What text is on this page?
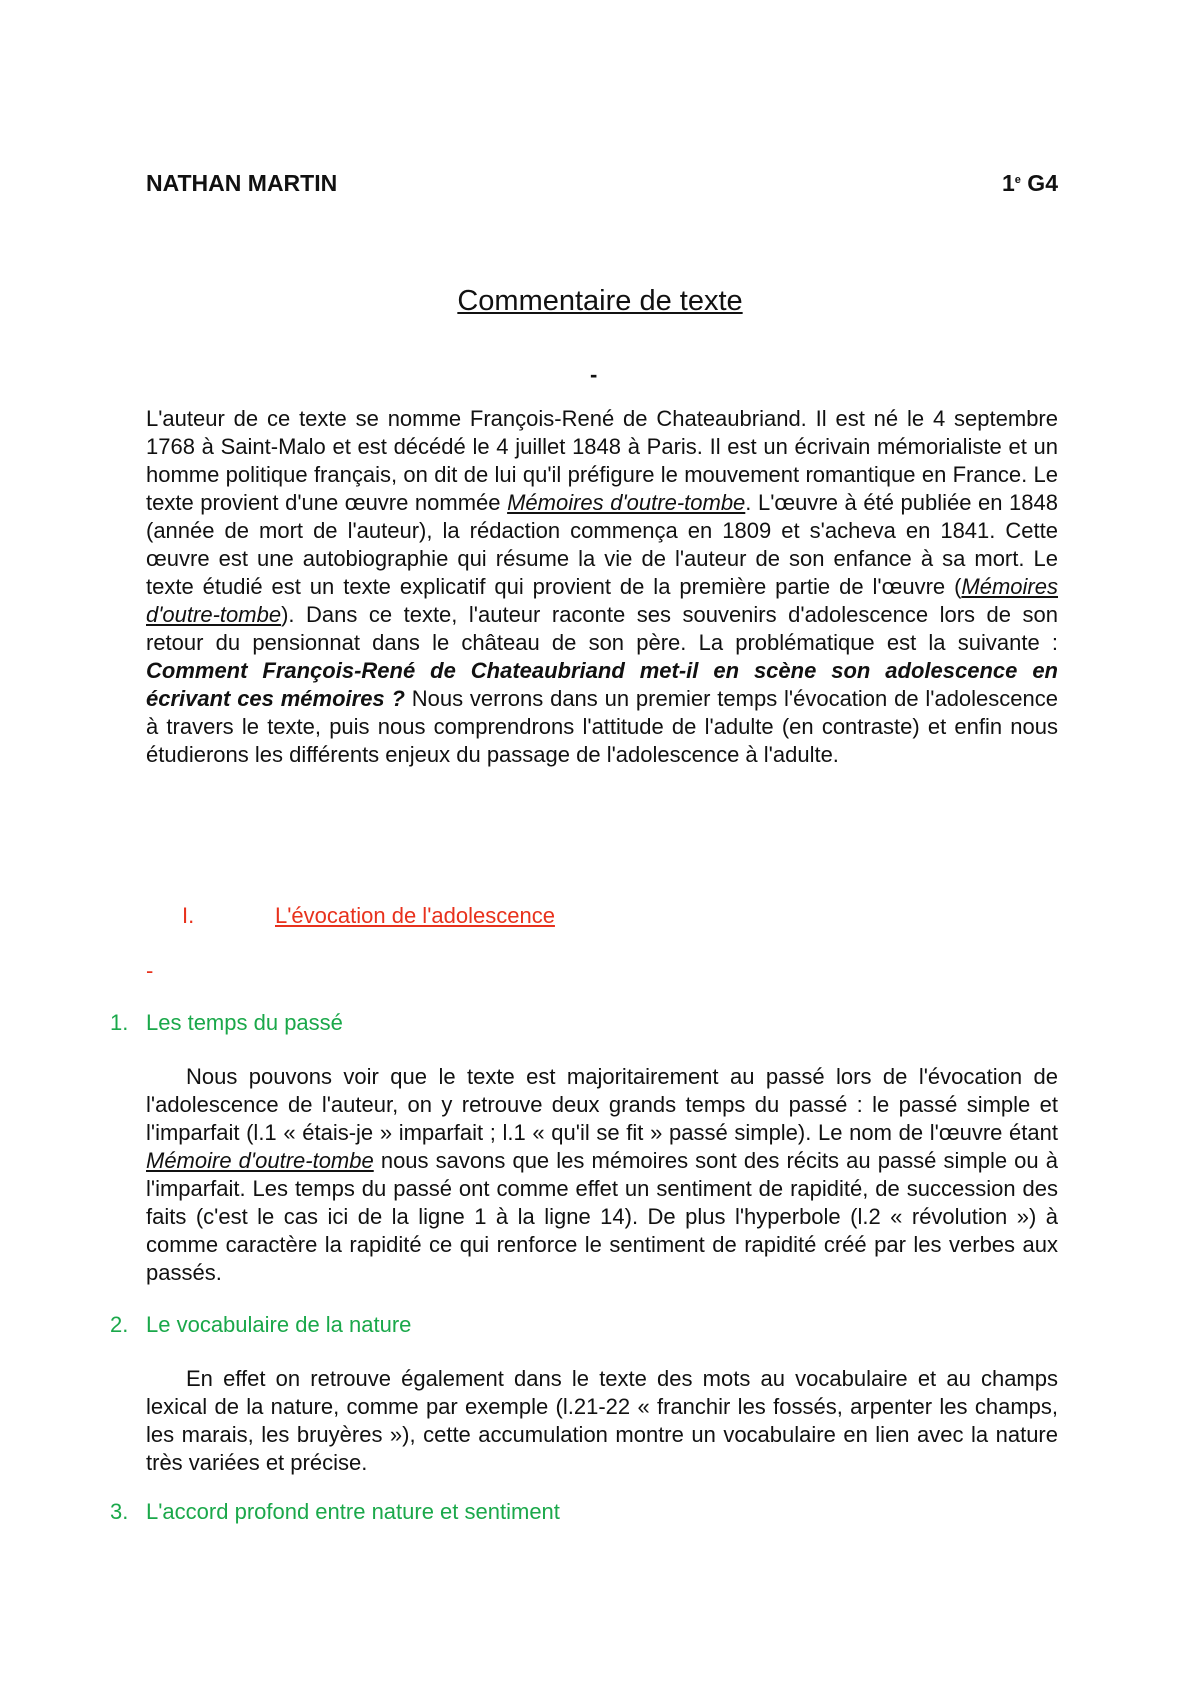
NATHAN MARTIN	1e G4
Commentaire de texte
-
L'auteur de ce texte se nomme François-René de Chateaubriand. Il est né le 4 septembre 1768 à Saint-Malo et est décédé le 4 juillet 1848 à Paris. Il est un écrivain mémorialiste et un homme politique français, on dit de lui qu'il préfigure le mouvement romantique en France. Le texte provient d'une œuvre nommée Mémoires d'outre-tombe. L'œuvre à été publiée en 1848 (année de mort de l'auteur), la rédaction commença en 1809 et s'acheva en 1841. Cette œuvre est une autobiographie qui résume la vie de l'auteur de son enfance à sa mort. Le texte étudié est un texte explicatif qui provient de la première partie de l'œuvre (Mémoires d'outre-tombe). Dans ce texte, l'auteur raconte ses souvenirs d'adolescence lors de son retour du pensionnat dans le château de son père. La problématique est la suivante : Comment François-René de Chateaubriand met-il en scène son adolescence en écrivant ces mémoires ? Nous verrons dans un premier temps l'évocation de l'adolescence à travers le texte, puis nous comprendrons l'attitude de l'adulte (en contraste) et enfin nous étudierons les différents enjeux du passage de l'adolescence à l'adulte.
I.	L'évocation de l'adolescence
-
1. Les temps du passé
Nous pouvons voir que le texte est majoritairement au passé lors de l'évocation de l'adolescence de l'auteur, on y retrouve deux grands temps du passé : le passé simple et l'imparfait (l.1 « étais-je » imparfait ; l.1 « qu'il se fit » passé simple). Le nom de l'œuvre étant Mémoire d'outre-tombe nous savons que les mémoires sont des récits au passé simple ou à l'imparfait. Les temps du passé ont comme effet un sentiment de rapidité, de succession des faits (c'est le cas ici de la ligne 1 à la ligne 14). De plus l'hyperbole (l.2 « révolution ») à comme caractère la rapidité ce qui renforce le sentiment de rapidité créé par les verbes aux passés.
2. Le vocabulaire de la nature
En effet on retrouve également dans le texte des mots au vocabulaire et au champs lexical de la nature, comme par exemple (l.21-22 « franchir les fossés, arpenter les champs, les marais, les bruyères »), cette accumulation montre un vocabulaire en lien avec la nature très variées et précise.
3. L'accord profond entre nature et sentiment
